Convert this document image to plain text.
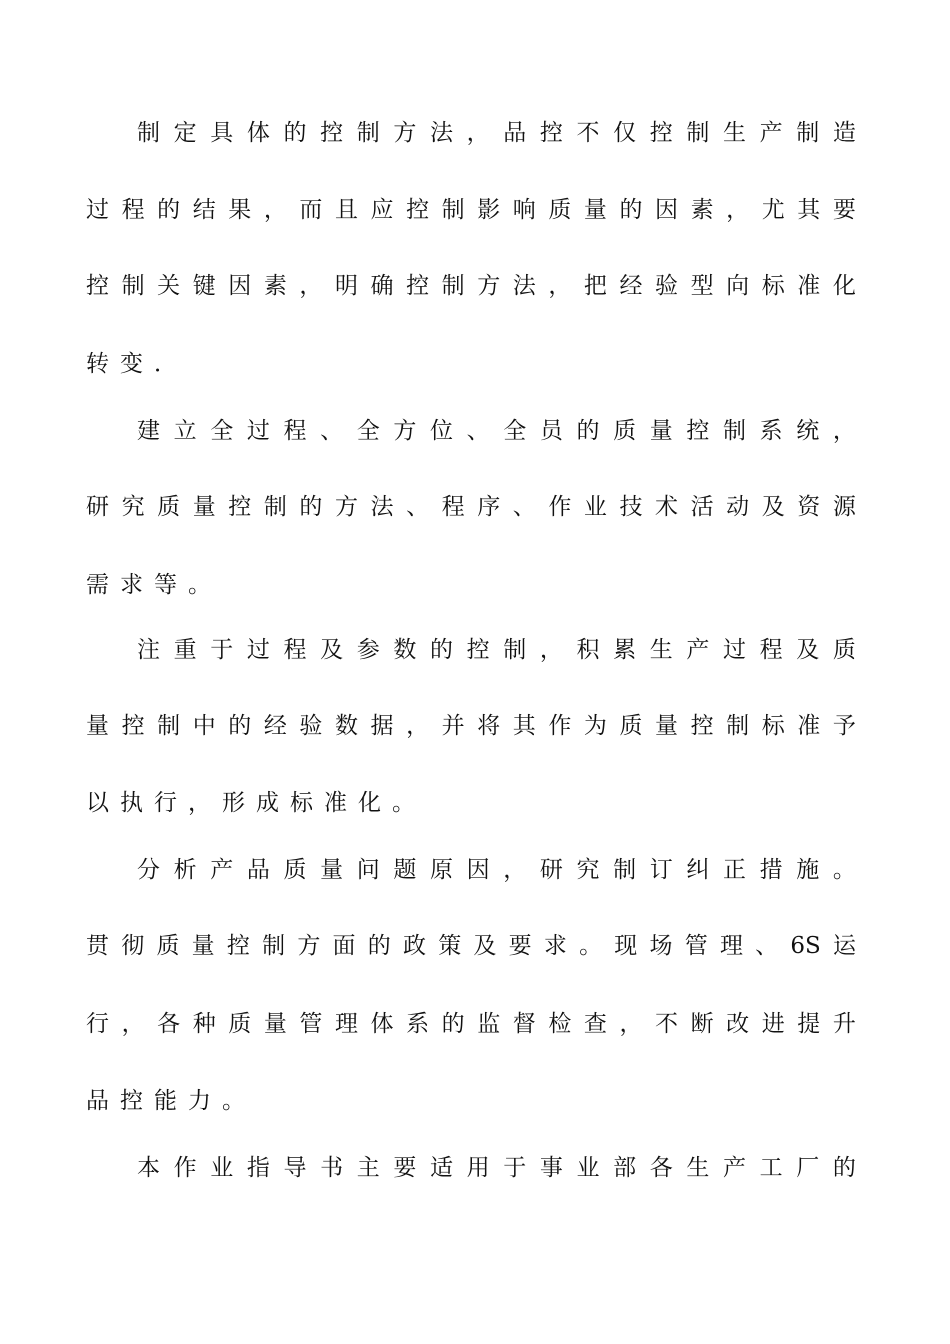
制 定 具 体 的 控 制 方 法 ， 品 控 不 仅 控 制 生 产 制 造
过 程 的 结 果 ， 而 且 应 控 制 影 响 质 量 的 因 素 ， 尤 其 要
控 制 关 键 因 素 ， 明 确 控 制 方 法 ， 把 经 验 型 向 标 准 化
转变．
建 立 全 过 程 、 全 方 位 、 全 员 的 质 量 控 制 系 统 ，
研 究 质 量 控 制 的 方 法 、 程 序 、 作 业 技 术 活 动 及 资 源
需求等。
注 重 于 过 程 及 参 数 的 控 制 ， 积 累 生 产 过 程 及 质
量 控 制 中 的 经 验 数 据 ， 并 将 其 作 为 质 量 控 制 标 准 予
以执行，形成标准化。
分 析 产 品 质 量 问 题 原 因 ， 研 究 制 订 纠 正 措 施 。
贯 彻 质 量 控 制 方 面 的 政 策 及 要 求 。 现 场 管 理 、 6S 运
行 ， 各 种 质 量 管 理 体 系 的 监 督 检 查 ， 不 断 改 进 提 升
品控能力。
本 作 业 指 导 书 主 要 适 用 于 事 业 部 各 生 产 工 厂 的
